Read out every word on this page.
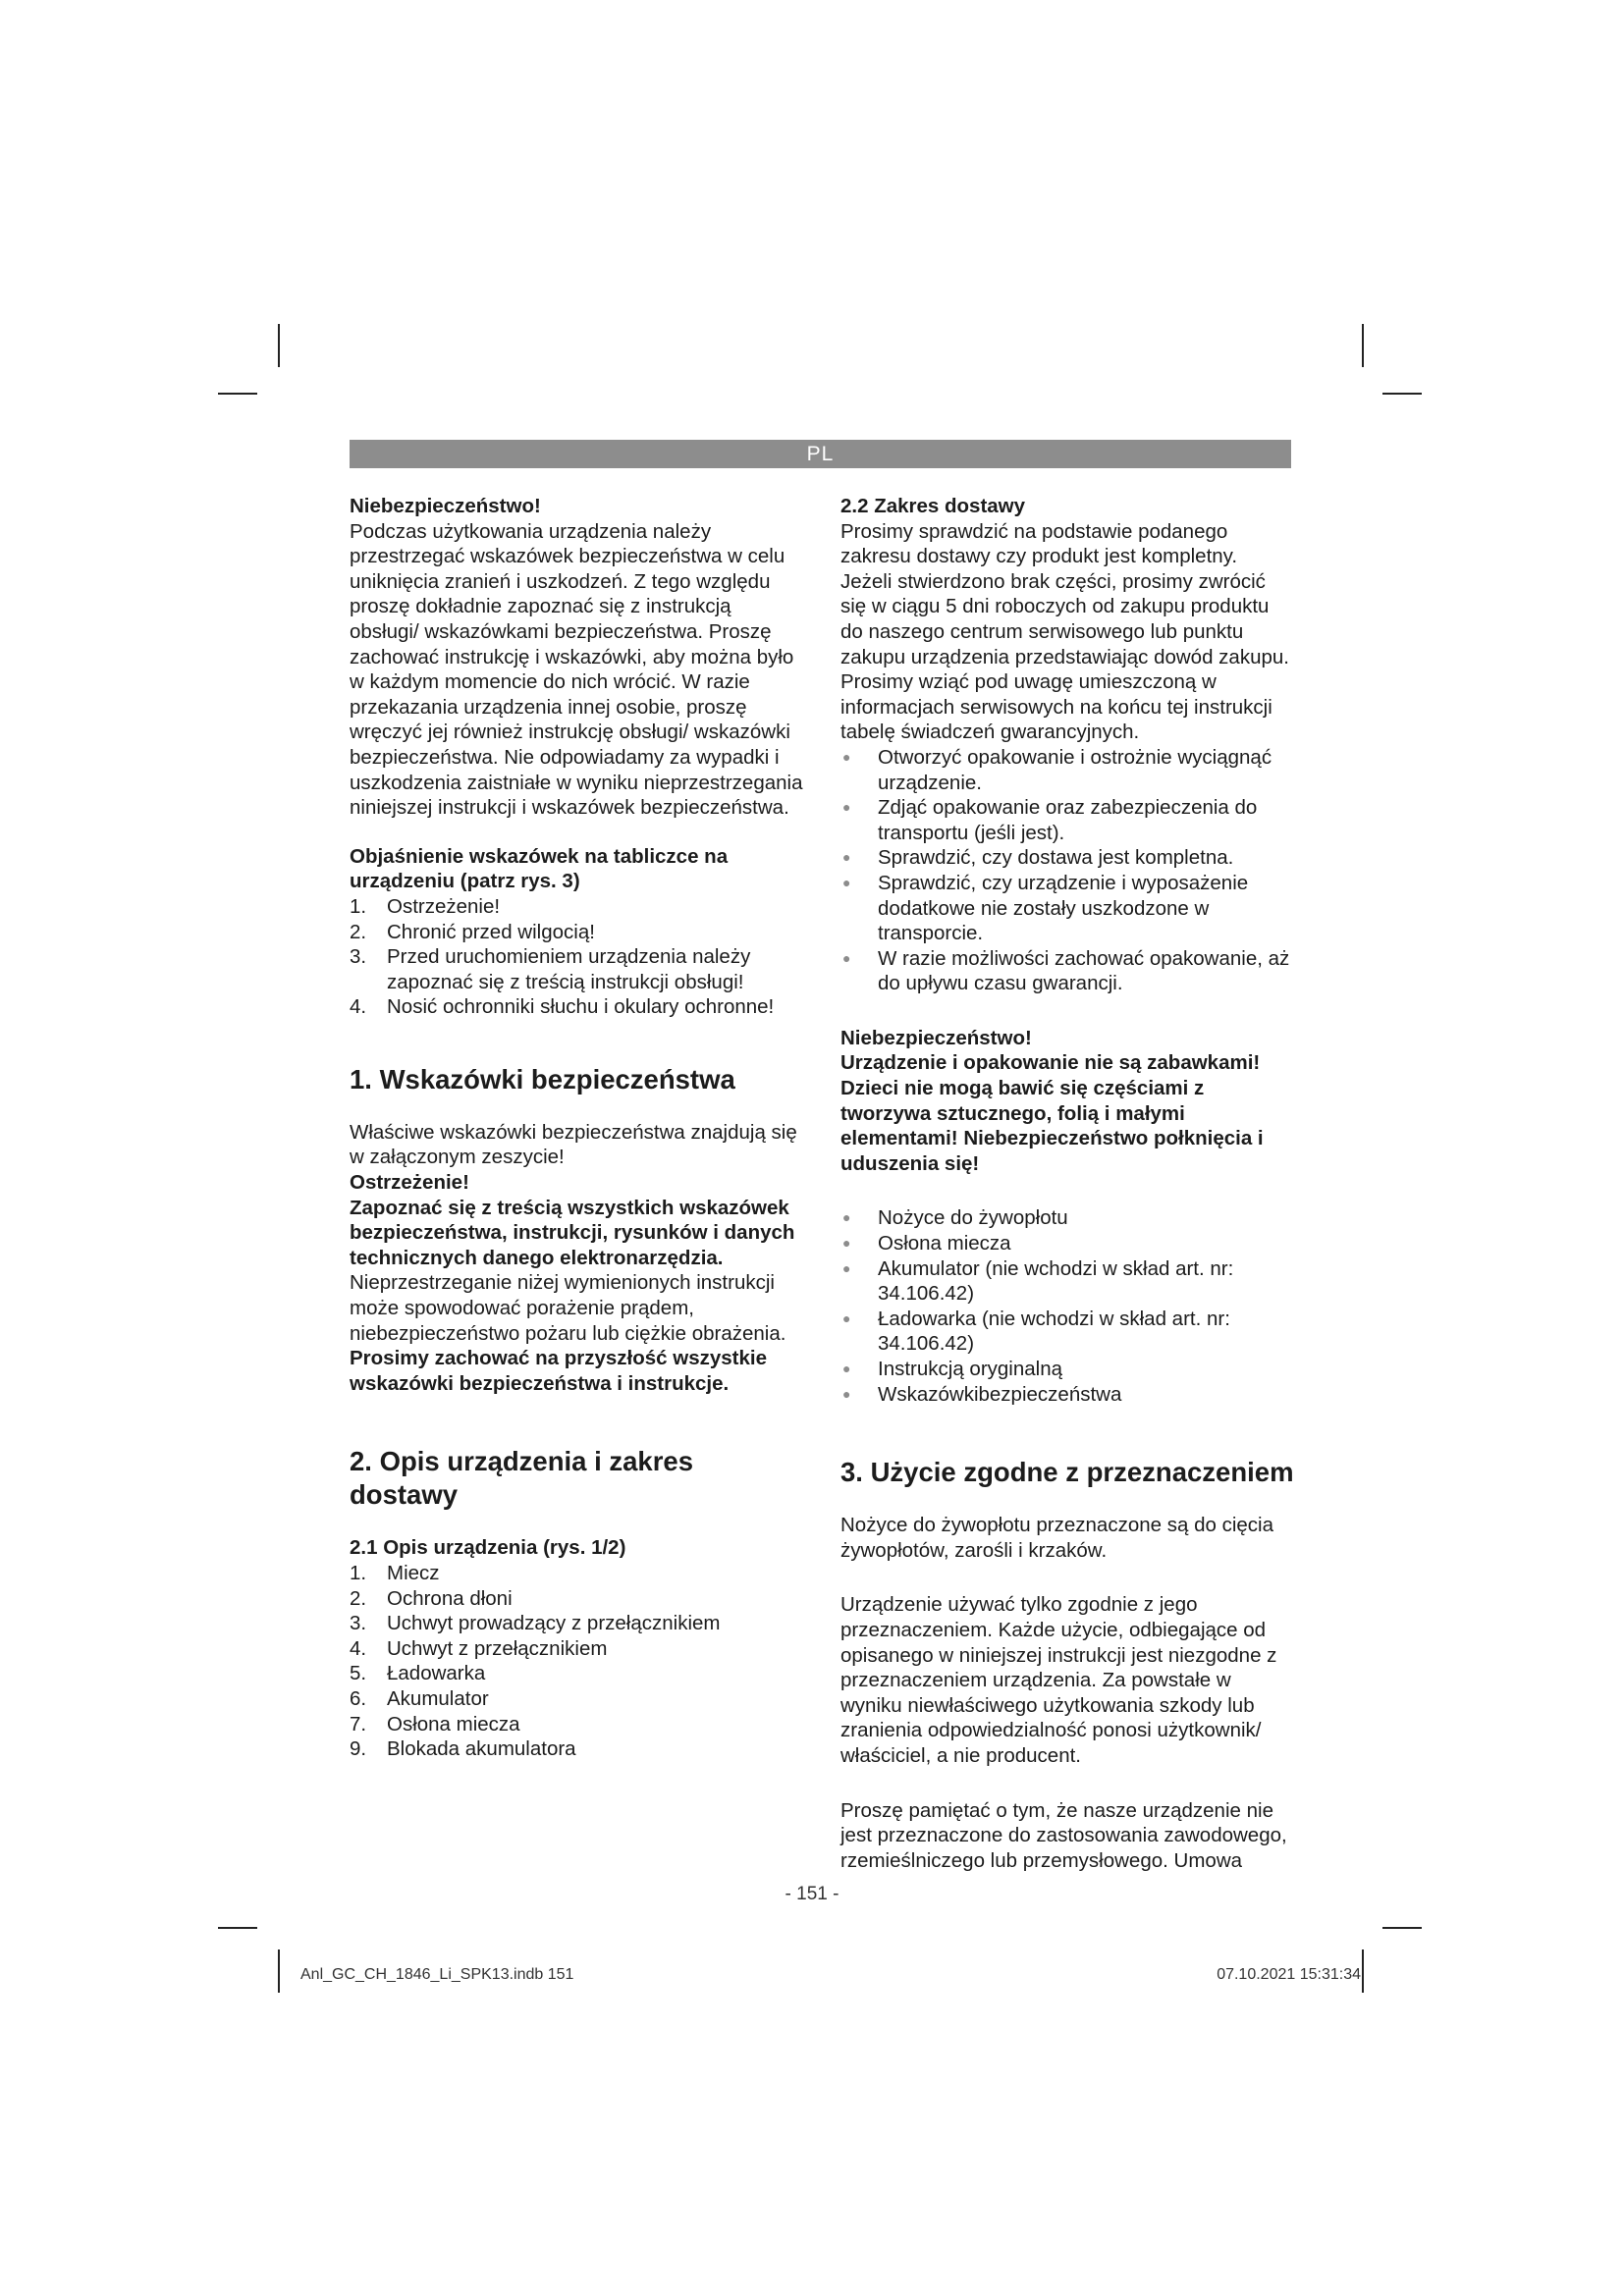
PL

Niebezpieczeństwo!

Podczas użytkowania urządzenia należy przestrzegać wskazówek bezpieczeństwa w celu uniknięcia zranień i uszkodzeń. Z tego względu proszę dokładnie zapoznać się z instrukcją obsługi/ wskazówkami bezpieczeństwa. Proszę zachować instrukcję i wskazówki, aby można było w każdym momencie do nich wrócić. W razie przekazania urządzenia innej osobie, proszę wręczyć jej również instrukcję obsługi/ wskazówki bezpieczeństwa. Nie odpowiadamy za wypadki i uszkodzenia zaistniałe w wyniku nieprzestrzegania niniejszej instrukcji i wskazówek bezpieczeństwa.

Objaśnienie wskazówek na tabliczce na urządzeniu (patrz rys. 3)

1. Ostrzeżenie!
2. Chronić przed wilgocią!
3. Przed uruchomieniem urządzenia należy zapoznać się z treścią instrukcji obsługi!
4. Nosić ochronniki słuchu i okulary ochronne!

1. Wskazówki bezpieczeństwa

Właściwe wskazówki bezpieczeństwa znajdują się w załączonym zeszycie!

Ostrzeżenie!

Zapoznać się z treścią wszystkich wskazówek bezpieczeństwa, instrukcji, rysunków i danych technicznych danego elektronarzędzia. Nieprzestrzeganie niżej wymienionych instrukcji może spowodować porażenie prądem, niebezpieczeństwo pożaru lub ciężkie obrażenia.

Prosimy zachować na przyszłość wszystkie wskazówki bezpieczeństwa i instrukcje.

2. Opis urządzenia i zakres dostawy

2.1 Opis urządzenia (rys. 1/2)

1. Miecz
2. Ochrona dłoni
3. Uchwyt prowadzący z przełącznikiem
4. Uchwyt z przełącznikiem
5. Ładowarka
6. Akumulator
7. Osłona miecza
9. Blokada akumulatora

2.2 Zakres dostawy

Prosimy sprawdzić na podstawie podanego zakresu dostawy czy produkt jest kompletny. Jeżeli stwierdzono brak części, prosimy zwrócić się w ciągu 5 dni roboczych od zakupu produktu do naszego centrum serwisowego lub punktu zakupu urządzenia przedstawiając dowód zakupu. Prosimy wziąć pod uwagę umieszczoną w informacjach serwisowych na końcu tej instrukcji tabelę świadczeń gwarancyjnych.

● Otworzyć opakowanie i ostrożnie wyciągnąć urządzenie.
● Zdjąć opakowanie oraz zabezpieczenia do transportu (jeśli jest).
● Sprawdzić, czy dostawa jest kompletna.
● Sprawdzić, czy urządzenie i wyposażenie dodatkowe nie zostały uszkodzone w transporcie.
● W razie możliwości zachować opakowanie, aż do upływu czasu gwarancji.

Niebezpieczeństwo!

Urządzenie i opakowanie nie są zabawkami! Dzieci nie mogą bawić się częściami z tworzywa sztucznego, folią i małymi elementami! Niebezpieczeństwo połknięcia i uduszenia się!

● Nożyce do żywopłotu
● Osłona miecza
● Akumulator (nie wchodzi w skład art. nr: 34.106.42)
● Ładowarka (nie wchodzi w skład art. nr: 34.106.42)
● Instrukcją oryginalną
● Wskazówkibezpieczeństwa

3. Użycie zgodne z przeznaczeniem

Nożyce do żywopłotu przeznaczone są do cięcia żywopłotów, zarośli i krzaków.

Urządzenie używać tylko zgodnie z jego przeznaczeniem. Każde użycie, odbiegające od opisanego w niniejszej instrukcji jest niezgodne z przeznaczeniem urządzenia. Za powstałe w wyniku niewłaściwego użytkowania szkody lub zranienia odpowiedzialność ponosi użytkownik/ właściciel, a nie producent.

Proszę pamiętać o tym, że nasze urządzenie nie jest przeznaczone do zastosowania zawodowego, rzemieślniczego lub przemysłowego. Umowa

- 151 -
Anl_GC_CH_1846_Li_SPK13.indb 151	07.10.2021 15:31:34
